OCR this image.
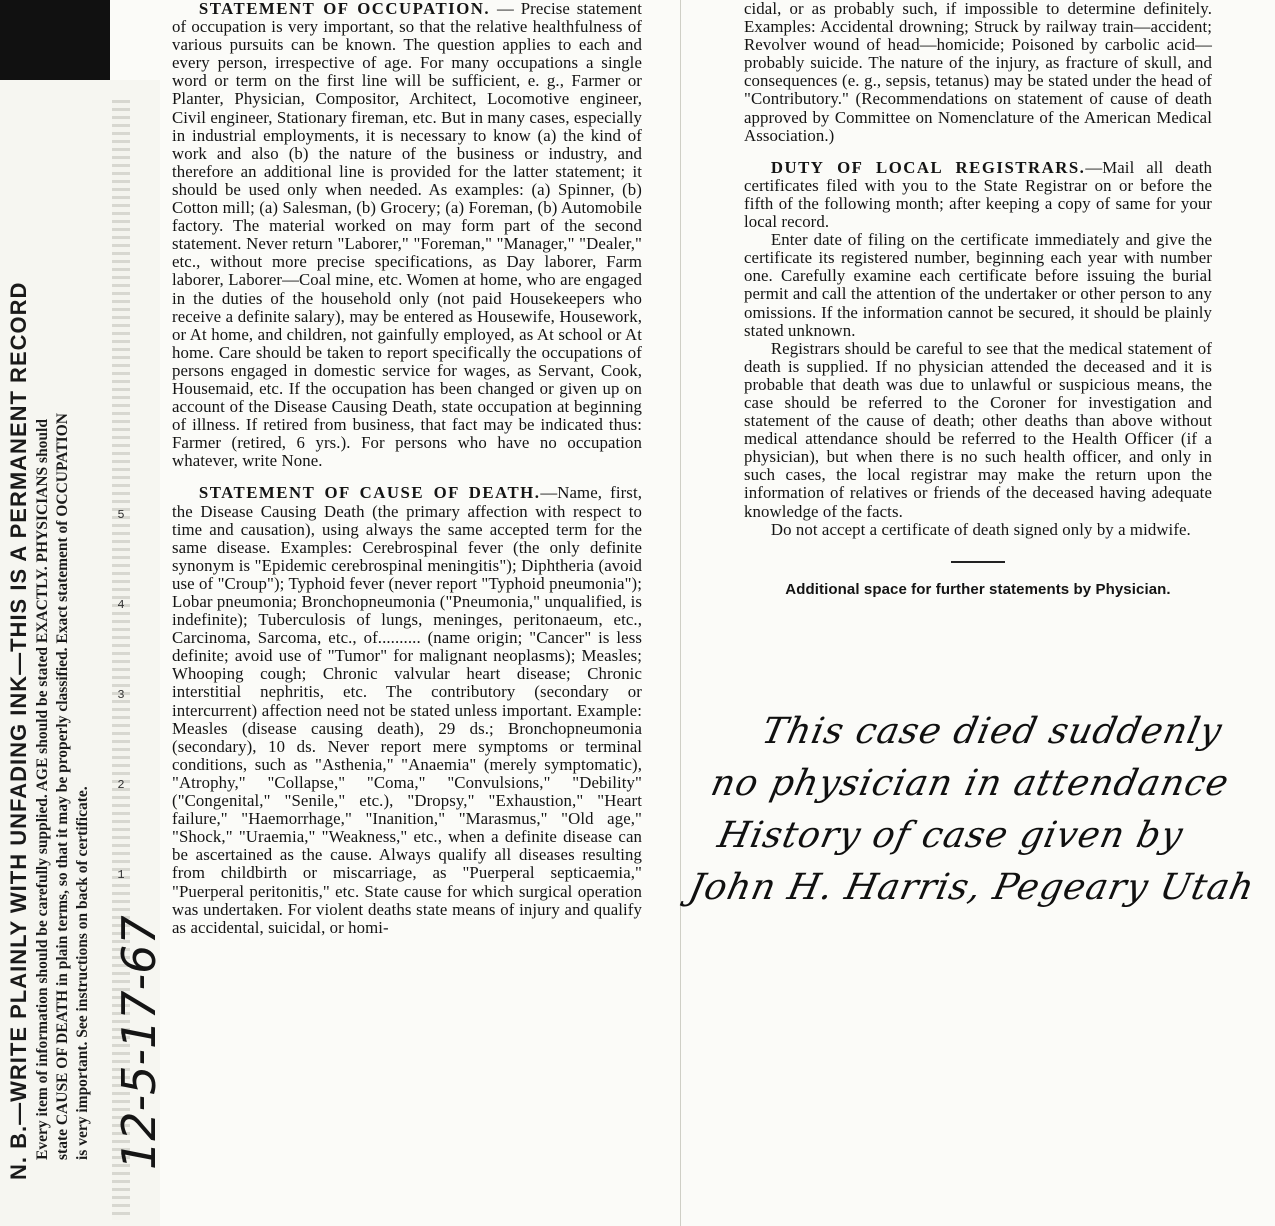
N. B.—WRITE PLAINLY WITH UNFADING INK—THIS IS A PERMANENT RECORD Every item of information should be carefully supplied. AGE should be stated EXACTLY. PHYSICIANS should state CAUSE OF DEATH in plain terms, so that it may be properly classified. Exact statement of OCCUPATION is very important. See instructions on back of certificate.
5
4
3
2
1
12-5-17-67

STATEMENT OF OCCUPATION. — Precise statement of occupation is very important, so that the relative healthfulness of various pursuits can be known. The question applies to each and every person, irrespective of age. For many occupations a single word or term on the first line will be sufficient, e. g., Farmer or Planter, Physician, Compositor, Architect, Locomotive engineer, Civil engineer, Stationary fireman, etc. But in many cases, especially in industrial employments, it is necessary to know (a) the kind of work and also (b) the nature of the business or industry, and therefore an additional line is provided for the latter statement; it should be used only when needed. As examples: (a) Spinner, (b) Cotton mill; (a) Salesman, (b) Grocery; (a) Foreman, (b) Automobile factory. The material worked on may form part of the second statement. Never return "Laborer," "Foreman," "Manager," "Dealer," etc., without more precise specifications, as Day laborer, Farm laborer, Laborer—Coal mine, etc. Women at home, who are engaged in the duties of the household only (not paid Housekeepers who receive a definite salary), may be entered as Housewife, Housework, or At home, and children, not gainfully employed, as At school or At home. Care should be taken to report specifically the occupations of persons engaged in domestic service for wages, as Servant, Cook, Housemaid, etc. If the occupation has been changed or given up on account of the Disease Causing Death, state occupation at beginning of illness. If retired from business, that fact may be indicated thus: Farmer (retired, 6 yrs.). For persons who have no occupation whatever, write None.

STATEMENT OF CAUSE OF DEATH.—Name, first, the Disease Causing Death (the primary affection with respect to time and causation), using always the same accepted term for the same disease. Examples: Cerebrospinal fever (the only definite synonym is "Epidemic cerebrospinal meningitis"); Diphtheria (avoid use of "Croup"); Typhoid fever (never report "Typhoid pneumonia"); Lobar pneumonia; Bronchopneumonia ("Pneumonia," unqualified, is indefinite); Tuberculosis of lungs, meninges, peritonaeum, etc., Carcinoma, Sarcoma, etc., of.......... (name origin; "Cancer" is less definite; avoid use of "Tumor" for malignant neoplasms); Measles; Whooping cough; Chronic valvular heart disease; Chronic interstitial nephritis, etc. The contributory (secondary or intercurrent) affection need not be stated unless important. Example: Measles (disease causing death), 29 ds.; Bronchopneumonia (secondary), 10 ds. Never report mere symptoms or terminal conditions, such as "Asthenia," "Anaemia" (merely symptomatic), "Atrophy," "Collapse," "Coma," "Convulsions," "Debility" ("Congenital," "Senile," etc.), "Dropsy," "Exhaustion," "Heart failure," "Haemorrhage," "Inanition," "Marasmus," "Old age," "Shock," "Uraemia," "Weakness," etc., when a definite disease can be ascertained as the cause. Always qualify all diseases resulting from childbirth or miscarriage, as "Puerperal septicaemia," "Puerperal peritonitis," etc. State cause for which surgical operation was undertaken. For violent deaths state means of injury and qualify as accidental, suicidal, or homi-

cidal, or as probably such, if impossible to determine definitely. Examples: Accidental drowning; Struck by railway train—accident; Revolver wound of head—homicide; Poisoned by carbolic acid—probably suicide. The nature of the injury, as fracture of skull, and consequences (e. g., sepsis, tetanus) may be stated under the head of "Contributory." (Recommendations on statement of cause of death approved by Committee on Nomenclature of the American Medical Association.)

DUTY OF LOCAL REGISTRARS.—Mail all death certificates filed with you to the State Registrar on or before the fifth of the following month; after keeping a copy of same for your local record.

Enter date of filing on the certificate immediately and give the certificate its registered number, beginning each year with number one. Carefully examine each certificate before issuing the burial permit and call the attention of the undertaker or other person to any omissions. If the information cannot be secured, it should be plainly stated unknown.

Registrars should be careful to see that the medical statement of death is supplied. If no physician attended the deceased and it is probable that death was due to unlawful or suspicious means, the case should be referred to the Coroner for investigation and statement of the cause of death; other deaths than above without medical attendance should be referred to the Health Officer (if a physician), but when there is no such health officer, and only in such cases, the local registrar may make the return upon the information of relatives or friends of the deceased having adequate knowledge of the facts.

Do not accept a certificate of death signed only by a midwife.

Additional space for further statements by Physician.

This case died suddenly
no physician in attendance
History of case given by
John H. Harris, Pegeary Utah
